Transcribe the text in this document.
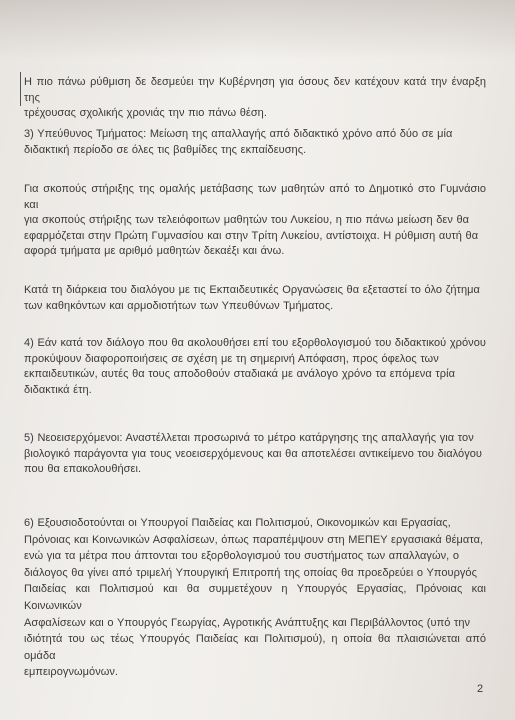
Η πιο πάνω ρύθμιση δε δεσμεύει την Κυβέρνηση για όσους δεν κατέχουν κατά την έναρξη της
τρέχουσας σχολικής χρονιάς την πιο πάνω θέση.

3) Υπεύθυνος Τμήματος: Μείωση της απαλλαγής από διδακτικό χρόνο από δύο σε μία
διδακτική περίοδο σε όλες τις βαθμίδες της εκπαίδευσης.

Για σκοπούς στήριξης της ομαλής μετάβασης των μαθητών από το Δημοτικό στο Γυμνάσιο και
για σκοπούς στήριξης των τελειόφοιτων μαθητών του Λυκείου, η πιο πάνω μείωση δεν θα
εφαρμόζεται στην Πρώτη Γυμνασίου και στην Τρίτη Λυκείου, αντίστοιχα. Η ρύθμιση αυτή θα
αφορά τμήματα με αριθμό μαθητών δεκαέξι και άνω.

Κατά τη διάρκεια του διαλόγου με τις Εκπαιδευτικές Οργανώσεις θα εξεταστεί το όλο ζήτημα
των καθηκόντων και αρμοδιοτήτων των Υπευθύνων Τμήματος.

4) Εάν κατά τον διάλογο που θα ακολουθήσει επί του εξορθολογισμού του διδακτικού χρόνου
προκύψουν διαφοροποιήσεις σε σχέση με τη σημερινή Απόφαση, προς όφελος των
εκπαιδευτικών, αυτές θα τους αποδοθούν σταδιακά με ανάλογο χρόνο τα επόμενα τρία
διδακτικά έτη.

5) Νεοεισερχόμενοι: Αναστέλλεται προσωρινά το μέτρο κατάργησης της απαλλαγής για τον
βιολογικό παράγοντα για τους νεοεισερχόμενους και θα αποτελέσει αντικείμενο του διαλόγου
που θα επακολουθήσει.

6) Εξουσιοδοτούνται οι Υπουργοί Παιδείας και Πολιτισμού, Οικονομικών και Εργασίας,
Πρόνοιας και Κοινωνικών Ασφαλίσεων, όπως παραπέμψουν στη ΜΕΠΕΥ εργασιακά θέματα,
ενώ για τα μέτρα που άπτονται του εξορθολογισμού του συστήματος των απαλλαγών, ο
διάλογος θα γίνει από τριμελή Υπουργική Επιτροπή της οποίας θα προεδρεύει ο Υπουργός
Παιδείας και Πολιτισμού και θα συμμετέχουν η Υπουργός Εργασίας, Πρόνοιας και Κοινωνικών
Ασφαλίσεων και ο Υπουργός Γεωργίας, Αγροτικής Ανάπτυξης και Περιβάλλοντος (υπό την
ιδιότητά του ως τέως Υπουργός Παιδείας και Πολιτισμού), η οποία θα πλαισιώνεται από ομάδα
εμπειρογνωμόνων.

2
